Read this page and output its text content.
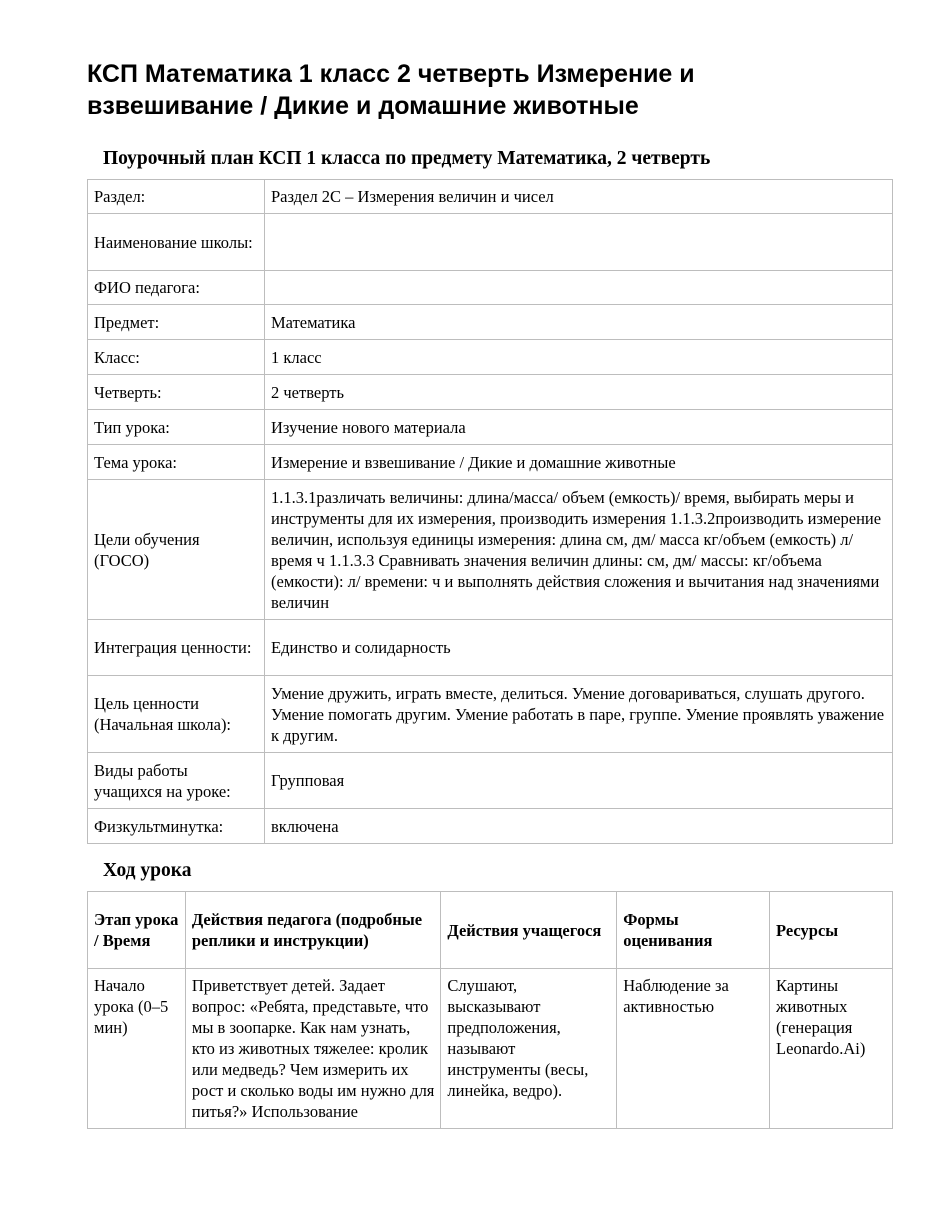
КСП Математика 1 класс 2 четверть Измерение и взвешивание / Дикие и домашние животные
Поурочный план КСП 1 класса по предмету Математика, 2 четверть
Раздел:	Раздел 2С – Измерения величин и чисел
Наименование школы:	
ФИО педагога:	
Предмет:	Математика
Класс:	1 класс
Четверть:	2 четверть
Тип урока:	Изучение нового материала
Тема урока:	Измерение и взвешивание / Дикие и домашние животные
Цели обучения (ГОСО)	1.1.3.1различать величины: длина/масса/ объем (емкость)/ время, выбирать меры и инструменты для их измерения, производить измерения 1.1.3.2производить измерение величин, используя единицы измерения: длина см, дм/ масса кг/объем (емкость) л/ время ч 1.1.3.3 Сравнивать значения величин длины: см, дм/ массы: кг/объема (емкости): л/ времени: ч и выполнять действия сложения и вычитания над значениями величин
Интеграция ценности:	Единство и солидарность
Цель ценности (Начальная школа):	Умение дружить, играть вместе, делиться. Умение договариваться, слушать другого. Умение помогать другим. Умение работать в паре, группе. Умение проявлять уважение к другим.
Виды работы учащихся на уроке:	Групповая
Физкультминутка:	включена
Ход урока
Этап урока / Время	Действия педагога (подробные реплики и инструкции)	Действия учащегося	Формы оценивания	Ресурсы
Начало урока (0–5 мин)	Приветствует детей. Задает вопрос: «Ребята, представьте, что мы в зоопарке. Как нам узнать, кто из животных тяжелее: кролик или медведь? Чем измерить их рост и сколько воды им нужно для питья?» Использование	Слушают, высказывают предположения, называют инструменты (весы, линейка, ведро).	Наблюдение за активностью	Картины животных (генерация Leonardo.Ai)
